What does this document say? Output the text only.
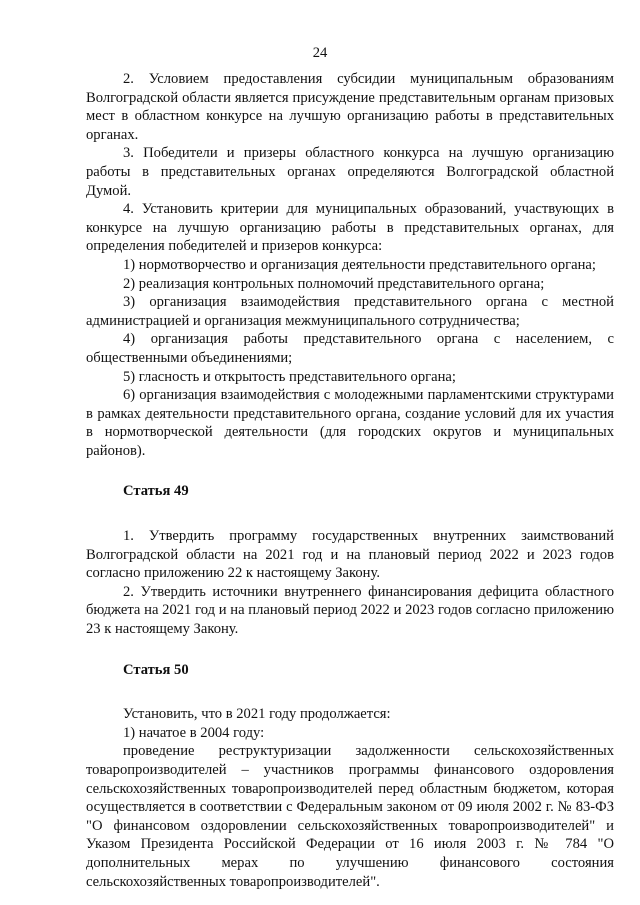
24

2. Условием предоставления субсидии муниципальным образованиям Волгоградской области является присуждение представительным органам призовых мест в областном конкурсе на лучшую организацию работы в представительных органах.

3. Победители и призеры областного конкурса на лучшую организацию работы в представительных органах определяются Волгоградской областной Думой.

4. Установить критерии для муниципальных образований, участвующих в конкурсе на лучшую организацию работы в представительных органах, для определения победителей и призеров конкурса:

1) нормотворчество и организация деятельности представительного органа;

2) реализация контрольных полномочий представительного органа;

3) организация взаимодействия представительного органа с местной администрацией и организация межмуниципального сотрудничества;

4) организация работы представительного органа с населением, с общественными объединениями;

5) гласность и открытость представительного органа;

6) организация взаимодействия с молодежными парламентскими структурами в рамках деятельности представительного органа, создание условий для их участия в нормотворческой деятельности (для городских округов и муниципальных районов).

Статья 49

1. Утвердить программу государственных внутренних заимствований Волгоградской области на 2021 год и на плановый период 2022 и 2023 годов согласно приложению 22 к настоящему Закону.

2. Утвердить источники внутреннего финансирования дефицита областного бюджета на 2021 год и на плановый период 2022 и 2023 годов согласно приложению 23 к настоящему Закону.

Статья 50

Установить, что в 2021 году продолжается:

1) начатое в 2004 году:

проведение реструктуризации задолженности сельскохозяйственных товаропроизводителей – участников программы финансового оздоровления сельскохозяйственных товаропроизводителей перед областным бюджетом, которая осуществляется в соответствии с Федеральным законом от 09 июля 2002 г. № 83-ФЗ "О финансовом оздоровлении сельскохозяйственных товаропроизводителей" и Указом Президента Российской Федерации от 16 июля 2003 г. № 784 "О дополнительных мерах по улучшению финансового состояния сельскохозяйственных товаропроизводителей".
